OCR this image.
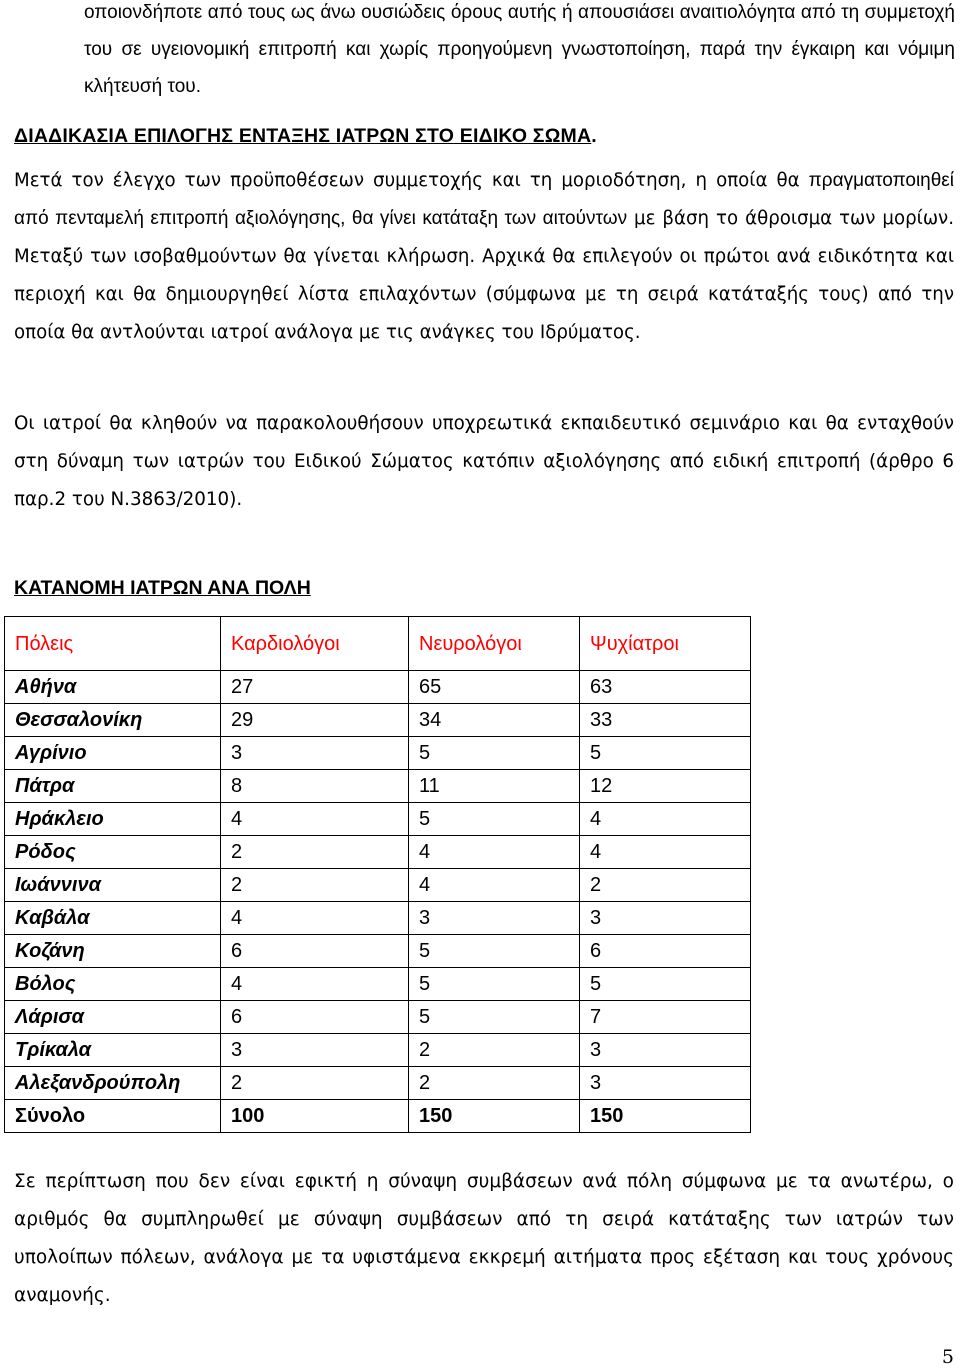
οποιονδήποτε από τους ως άνω ουσιώδεις όρους αυτής ή απουσιάσει αναιτιολόγητα από τη συμμετοχή του σε υγειονομική επιτροπή και χωρίς προηγούμενη γνωστοποίηση, παρά την έγκαιρη και νόμιμη κλήτευσή του.

ΔΙΑΔΙΚΑΣΙΑ ΕΠΙΛΟΓΗΣ ΕΝΤΑΞΗΣ ΙΑΤΡΩΝ ΣΤΟ ΕΙΔΙΚΟ ΣΩΜΑ.

Μετά τον έλεγχο των προϋποθέσεων συμμετοχής και τη μοριοδότηση, η οποία θα πραγματοποιηθεί από πενταμελή επιτροπή αξιολόγησης, θα γίνει κατάταξη των αιτούντων με βάση το άθροισμα των μορίων. Μεταξύ των ισοβαθμούντων θα γίνεται κλήρωση. Αρχικά θα επιλεγούν οι πρώτοι ανά ειδικότητα και περιοχή και θα δημιουργηθεί λίστα επιλαχόντων (σύμφωνα με τη σειρά κατάταξής τους) από την οποία θα αντλούνται ιατροί ανάλογα με τις ανάγκες του Ιδρύματος.

Οι ιατροί θα κληθούν να παρακολουθήσουν υποχρεωτικά εκπαιδευτικό σεμινάριο και θα ενταχθούν στη δύναμη των ιατρών του Ειδικού Σώματος κατόπιν αξιολόγησης από ειδική επιτροπή (άρθρο 6 παρ.2 του Ν.3863/2010).

ΚΑΤΑΝΟΜΗ ΙΑΤΡΩΝ ΑΝΑ ΠΟΛΗ

Πόλεις	Καρδιολόγοι	Νευρολόγοι	Ψυχίατροι
Αθήνα	27	65	63
Θεσσαλονίκη	29	34	33
Αγρίνιο	3	5	5
Πάτρα	8	11	12
Ηράκλειο	4	5	4
Ρόδος	2	4	4
Ιωάννινα	2	4	2
Καβάλα	4	3	3
Κοζάνη	6	5	6
Βόλος	4	5	5
Λάρισα	6	5	7
Τρίκαλα	3	2	3
Αλεξανδρούπολη	2	2	3
Σύνολο	100	150	150

Σε περίπτωση που δεν είναι εφικτή η σύναψη συμβάσεων ανά πόλη σύμφωνα με τα ανωτέρω, ο αριθμός θα συμπληρωθεί με σύναψη συμβάσεων από τη σειρά κατάταξης των ιατρών των υπολοίπων πόλεων, ανάλογα με τα υφιστάμενα εκκρεμή αιτήματα προς εξέταση και τους χρόνους αναμονής.

5
